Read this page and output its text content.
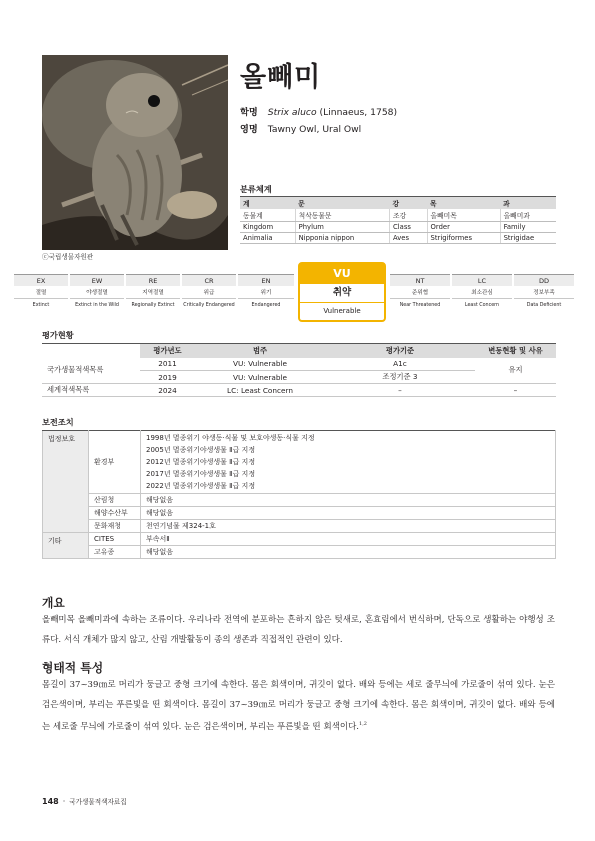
ⓒ국립생물자원관
올빼미
학명 Strix aluco (Linnaeus, 1758)
영명 Tawny Owl, Ural Owl
분류체계
계	문	강	목	과
동물계	척삭동물문	조강	올빼미목	올빼미과
Kingdom	Phylum	Class	Order	Family
Animalia	Nipponia nippon	Aves	Strigiformes	Strigidae
EX
절멸
Extinct
EW
야생절멸
Extinct in the Wild
RE
지역절멸
Regionally Extinct
CR
위급
Critically Endangered
EN
위기
Endangered
VU
취약
Vulnerable
NT
준위협
Near Threatened
LC
최소관심
Least Concern
DD
정보부족
Data Deficient
평가현황
	평가년도	범주	평가기준	변동현황 및 사유
국가생물적색목록	2011	VU: Vulnerable	A1c	유지
	2019	VU: Vulnerable	조정기준 3	
세계적색목록	2024	LC: Least Concern	–	–
보전조치
법정보호	환경부	1998년 멸종위기 야생동·식물 및 보호야생동·식물 지정
2005년 멸종위기야생생물 Ⅱ급 지정
2012년 멸종위기야생생물 Ⅱ급 지정
2017년 멸종위기야생생물 Ⅱ급 지정
2022년 멸종위기야생생물 Ⅱ급 지정

	산림청	해당없음
	해양수산부	해당없음
	문화재청	천연기념물 제324-1호
기타	CITES	부속서Ⅱ
	고유종	해당없음
개요
올빼미목 올빼미과에 속하는 조류이다. 우리나라 전역에 분포하는 흔하지 않은 텃새로, 혼효림에서 번식하며, 단독으로 생활하는 야행성 조류다. 서식 개체가 많지 않고, 산림 개발활동이 종의 생존과 직접적인 관련이 있다.
형태적 특성
몸길이 37~39㎝로 머리가 둥글고 중형 크기에 속한다. 몸은 회색이며, 귀깃이 없다. 배와 등에는 세로 줄무늬에 가로줄이 섞여 있다. 눈은 검은색이며, 부리는 푸른빛을 띤 회색이다. 몸길이 37~39㎝로 머리가 둥글고 중형 크기에 속한다. 몸은 회색이며, 귀깃이 없다. 배와 등에는 세로줄 무늬에 가로줄이 섞여 있다. 눈은 검은색이며, 부리는 푸른빛을 띤 회색이다.$^{1,2}$
148 · 국가생물적색자료집
